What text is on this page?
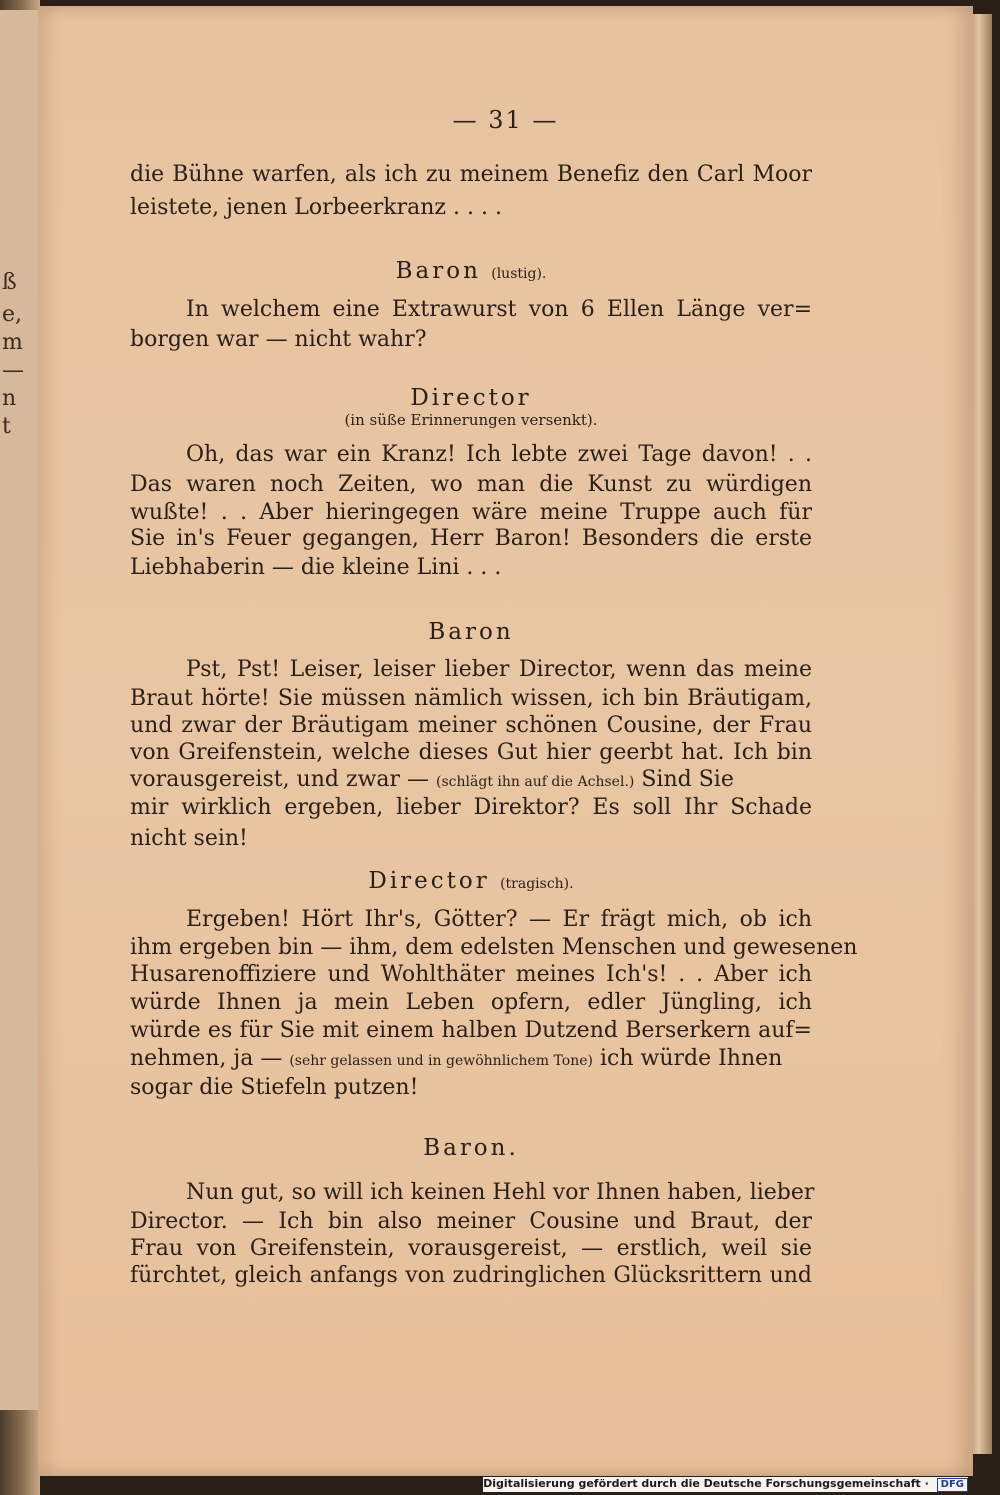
ß
e,
m
—
n
t
— 31 —
die Bühne warfen, als ich zu meinem Benefiz den Carl Moor
leistete, jenen Lorbeerkranz . . . .
Baron (lustig).
In welchem eine Extrawurst von 6 Ellen Länge ver=
borgen war — nicht wahr?
Director
(in süße Erinnerungen versenkt).
Oh, das war ein Kranz! Ich lebte zwei Tage davon! . .
Das waren noch Zeiten, wo man die Kunst zu würdigen
wußte! . . Aber hieringegen wäre meine Truppe auch für
Sie in's Feuer gegangen, Herr Baron! Besonders die erste
Liebhaberin — die kleine Lini . . .
Baron
Pst, Pst! Leiser, leiser lieber Director, wenn das meine
Braut hörte! Sie müssen nämlich wissen, ich bin Bräutigam,
und zwar der Bräutigam meiner schönen Cousine, der Frau
von Greifenstein, welche dieses Gut hier geerbt hat. Ich bin
vorausgereist, und zwar — (schlägt ihn auf die Achsel.) Sind Sie
mir wirklich ergeben, lieber Direktor? Es soll Ihr Schade
nicht sein!
Director (tragisch).
Ergeben! Hört Ihr's, Götter? — Er frägt mich, ob ich
ihm ergeben bin — ihm, dem edelsten Menschen und gewesenen
Husarenoffiziere und Wohlthäter meines Ich's! . . Aber ich
würde Ihnen ja mein Leben opfern, edler Jüngling, ich
würde es für Sie mit einem halben Dutzend Berserkern auf=
nehmen, ja — (sehr gelassen und in gewöhnlichem Tone) ich würde Ihnen
sogar die Stiefeln putzen!
Baron.
Nun gut, so will ich keinen Hehl vor Ihnen haben, lieber
Director. — Ich bin also meiner Cousine und Braut, der
Frau von Greifenstein, vorausgereist, — erstlich, weil sie
fürchtet, gleich anfangs von zudringlichen Glücksrittern und
Digitalisierung gefördert durch die Deutsche Forschungsgemeinschaft · DFG
